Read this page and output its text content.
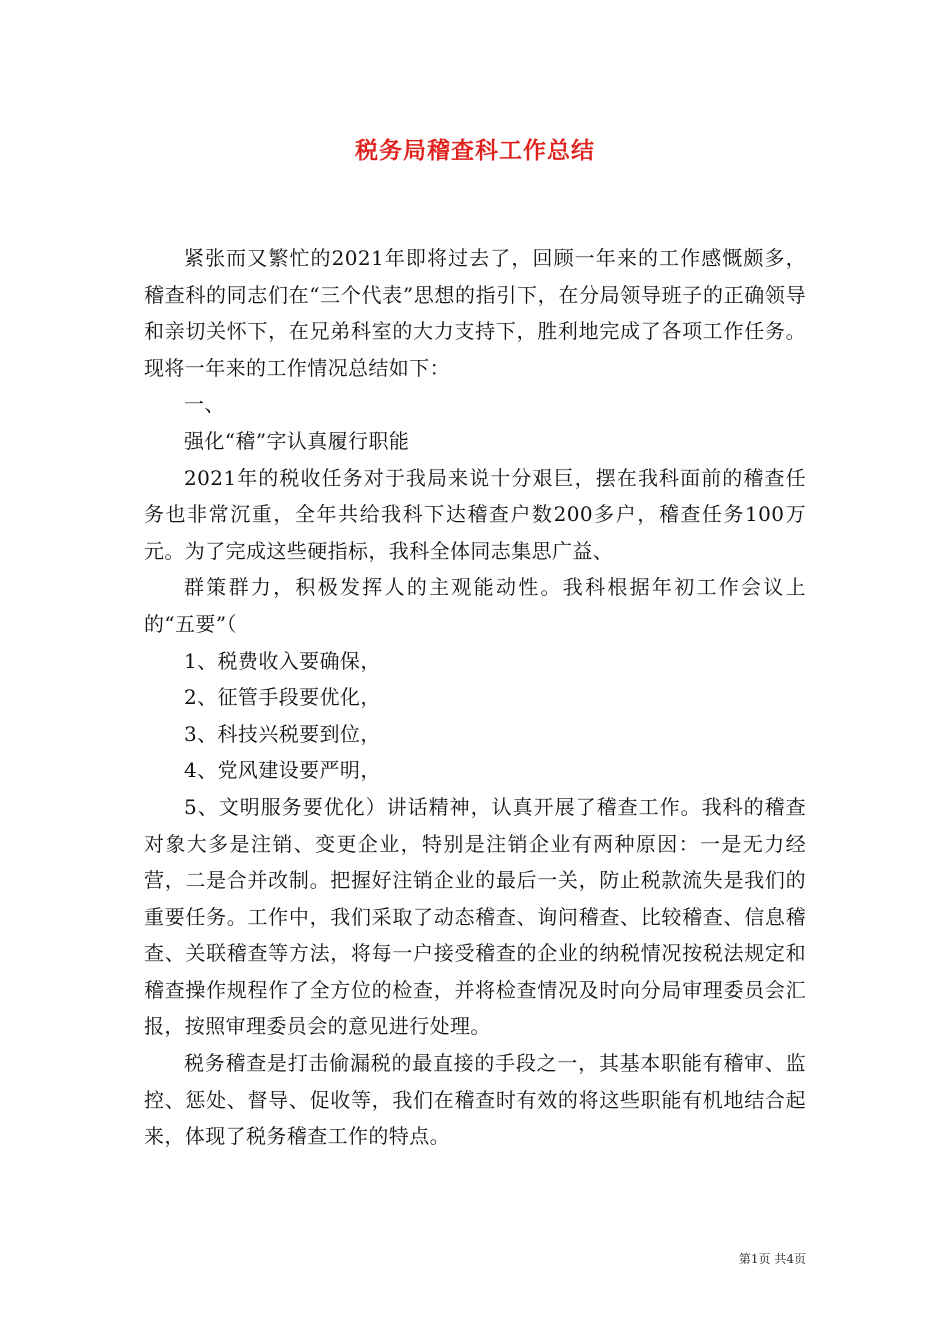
税务局稽查科工作总结

紧张而又繁忙的2021年即将过去了，回顾一年来的工作感慨颇多，稽查科的同志们在“三个代表”思想的指引下，在分局领导班子的正确领导和亲切关怀下，在兄弟科室的大力支持下，胜利地完成了各项工作任务。现将一年来的工作情况总结如下：

一、

强化“稽”字认真履行职能

2021年的税收任务对于我局来说十分艰巨，摆在我科面前的稽查任务也非常沉重，全年共给我科下达稽查户数200多户，稽查任务100万元。为了完成这些硬指标，我科全体同志集思广益、

群策群力，积极发挥人的主观能动性。我科根据年初工作会议上的“五要”（

1、税费收入要确保，

2、征管手段要优化，

3、科技兴税要到位，

4、党风建设要严明，

5、文明服务要优化）讲话精神，认真开展了稽查工作。我科的稽查对象大多是注销、变更企业，特别是注销企业有两种原因：一是无力经营，二是合并改制。把握好注销企业的最后一关，防止税款流失是我们的重要任务。工作中，我们采取了动态稽查、询问稽查、比较稽查、信息稽查、关联稽查等方法，将每一户接受稽查的企业的纳税情况按税法规定和稽查操作规程作了全方位的检查，并将检查情况及时向分局审理委员会汇报，按照审理委员会的意见进行处理。

税务稽查是打击偷漏税的最直接的手段之一，其基本职能有稽审、监控、惩处、督导、促收等，我们在稽查时有效的将这些职能有机地结合起来，体现了税务稽查工作的特点。

第1页 共4页
